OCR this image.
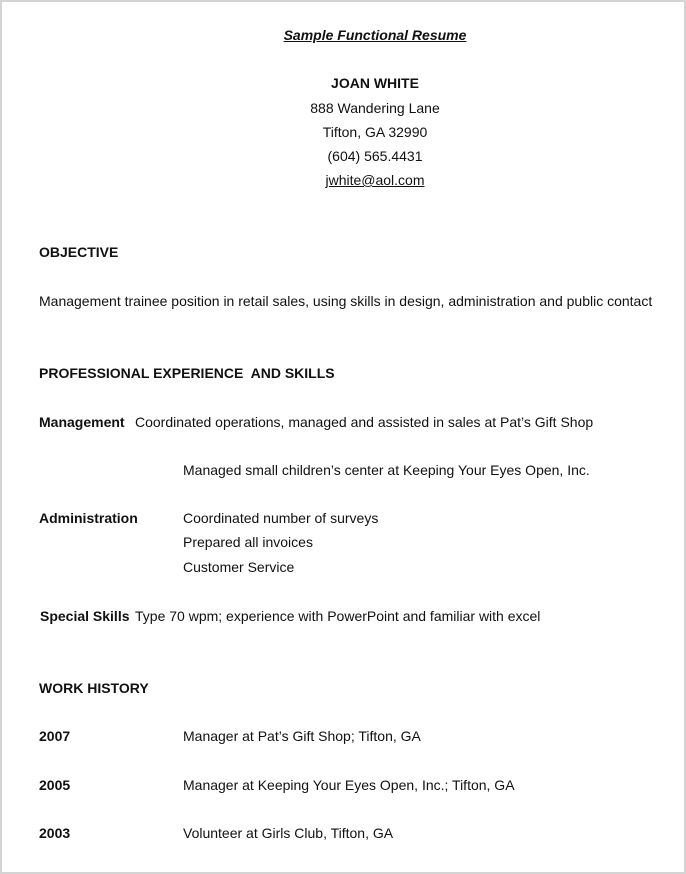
Sample Functional Resume
JOAN WHITE
888 Wandering Lane
Tifton, GA 32990
(604) 565.4431
jwhite@aol.com
OBJECTIVE
Management trainee position in retail sales, using skills in design, administration and public contact
PROFESSIONAL EXPERIENCE  AND SKILLS
Management Coordinated operations, managed and assisted in sales at Pat’s Gift Shop
Managed small children’s center at Keeping Your Eyes Open, Inc.
Administration	Coordinated number of surveys
Prepared all invoices
Customer Service
Special Skills Type 70 wpm; experience with PowerPoint and familiar with excel
WORK HISTORY
2007	Manager at Pat’s Gift Shop; Tifton, GA
2005	Manager at Keeping Your Eyes Open, Inc.; Tifton, GA
2003	Volunteer at Girls Club, Tifton, GA
